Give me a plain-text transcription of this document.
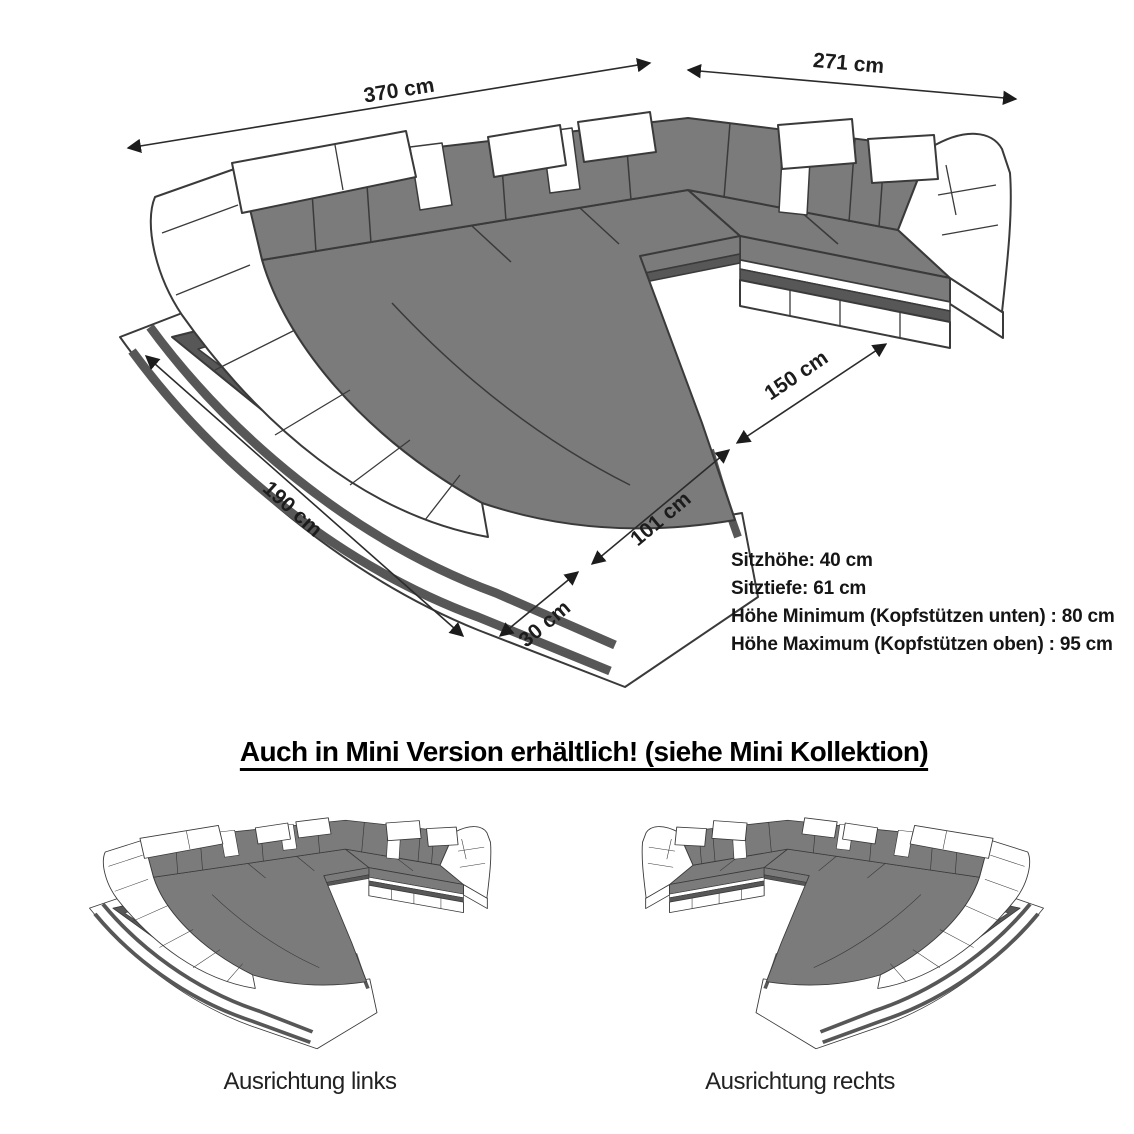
370 cm
271 cm
150 cm
101 cm
30 cm
190 cm
Sitzhöhe: 40 cm
Sitztiefe: 61 cm
Höhe Minimum (Kopfstützen unten) : 80 cm
Höhe Maximum (Kopfstützen oben) : 95 cm
Auch in Mini Version erhältlich! (siehe Mini Kollektion)
Ausrichtung links	Ausrichtung rechts
